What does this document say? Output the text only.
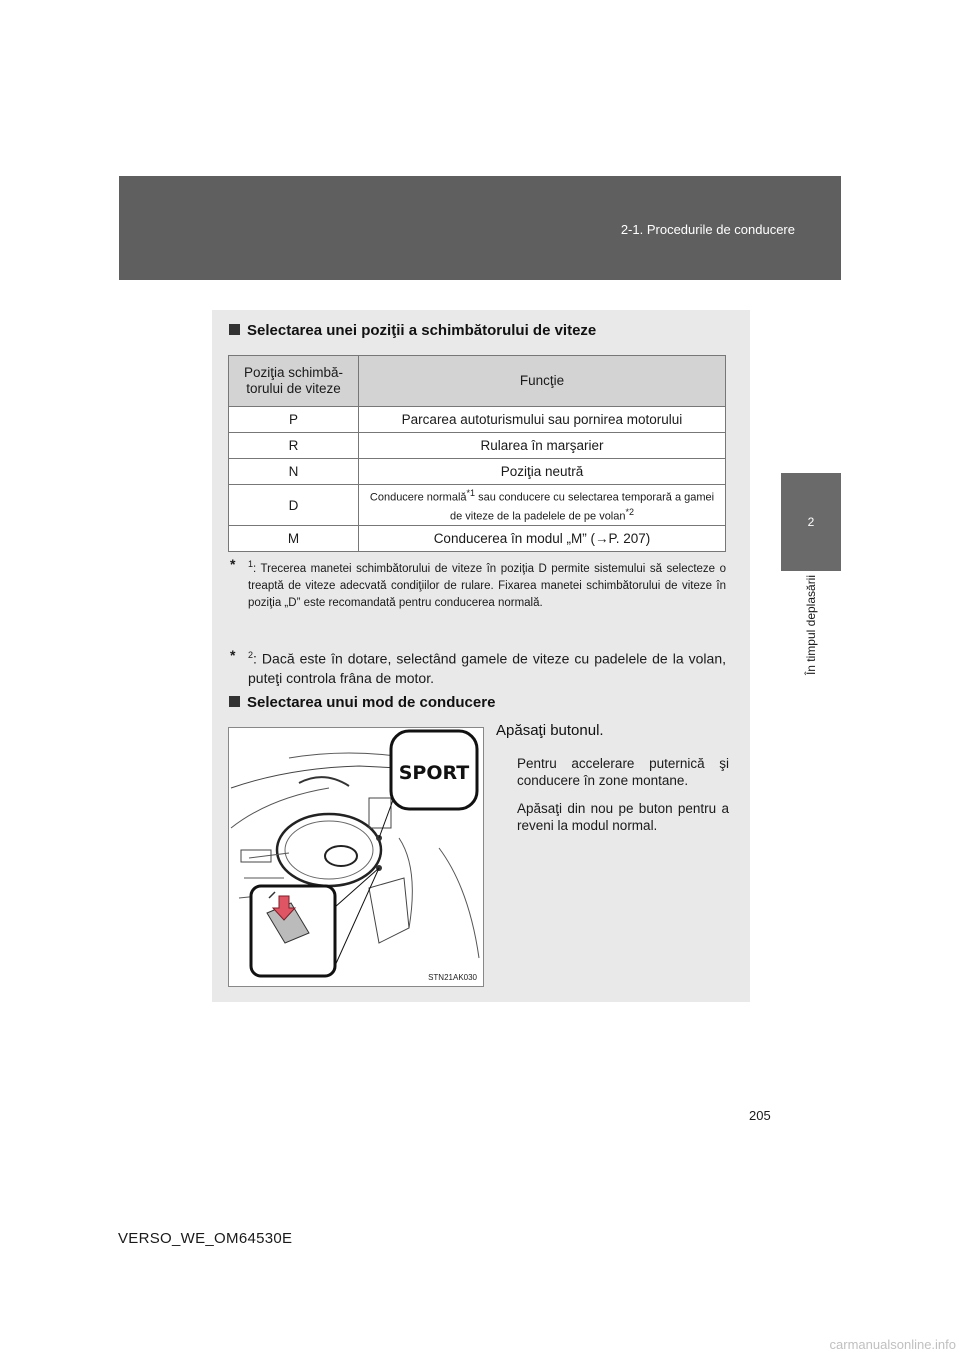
2-1. Procedurile de conducere
2
În timpul deplasării
Selectarea unei poziţii a schimbătorului de viteze
Poziţia schimbă-torului de viteze	Funcţie
P	Parcarea autoturismului sau pornirea motorului
R	Rularea în marşarier
N	Poziţia neutră
D	Conducere normală$^{*1}$ sau conducere cu selectarea temporară a gamei de viteze de la padelele de pe volan$^{*2}$
M	Conducerea în modul „M” (→P. 207)
* $^1$: Trecerea manetei schimbătorului de viteze în poziţia D permite sistemului să selecteze o treaptă de viteze adecvată condiţiilor de rulare. Fixarea manetei schimbătorului de viteze în poziţia „D” este recomandată pentru conducerea normală.
* $^2$: Dacă este în dotare, selectând gamele de viteze cu padelele de la volan, puteţi controla frâna de motor.
Selectarea unui mod de conducere
SPORT
STN21AK030
Apăsaţi butonul.
Pentru accelerare puternică şi conducere în zone montane.
Apăsaţi din nou pe buton pentru a reveni la modul normal.
205
VERSO_WE_OM64530E
carmanualsonline.info
